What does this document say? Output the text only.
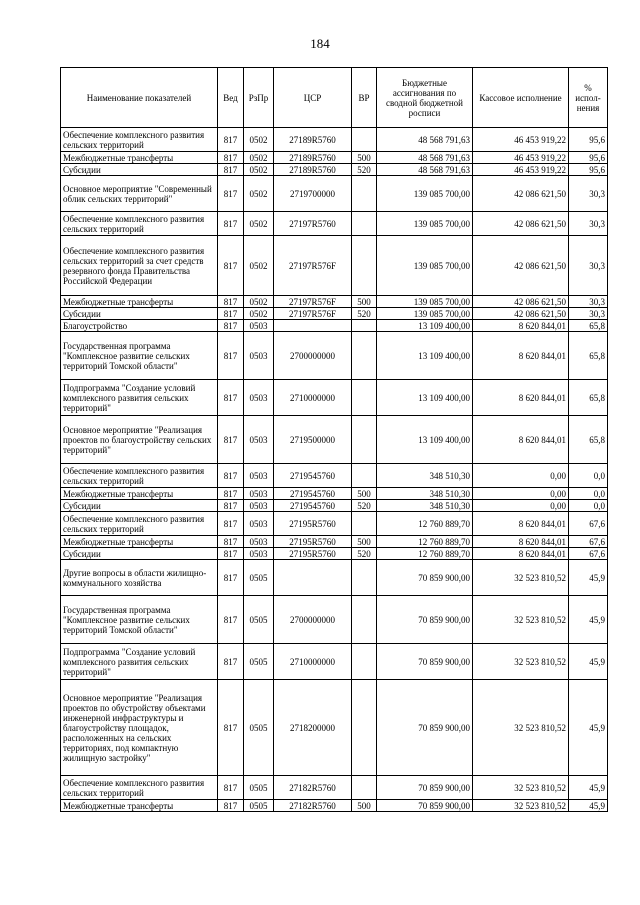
184
Наименование показателей	Вед	РзПр	ЦСР	ВР	Бюджетные ассигнования по сводной бюджетной росписи	Кассовое исполнение	% испол-нения
Обеспечение комплексного развития сельских территорий	817	0502	27189R5760		48 568 791,63	46 453 919,22	95,6
Межбюджетные трансферты	817	0502	27189R5760	500	48 568 791,63	46 453 919,22	95,6
Субсидии	817	0502	27189R5760	520	48 568 791,63	46 453 919,22	95,6
Основное мероприятие "Современный облик сельских территорий"	817	0502	2719700000		139 085 700,00	42 086 621,50	30,3
Обеспечение комплексного развития сельских территорий	817	0502	27197R5760		139 085 700,00	42 086 621,50	30,3
Обеспечение комплексного развития сельских территорий за счет средств резервного фонда Правительства Российской Федерации	817	0502	27197R576F		139 085 700,00	42 086 621,50	30,3
Межбюджетные трансферты	817	0502	27197R576F	500	139 085 700,00	42 086 621,50	30,3
Субсидии	817	0502	27197R576F	520	139 085 700,00	42 086 621,50	30,3
Благоустройство	817	0503			13 109 400,00	8 620 844,01	65,8
Государственная программа "Комплексное развитие сельских территорий Томской области"	817	0503	2700000000		13 109 400,00	8 620 844,01	65,8
Подпрограмма "Создание условий комплексного развития сельских территорий"	817	0503	2710000000		13 109 400,00	8 620 844,01	65,8
Основное мероприятие "Реализация проектов по благоустройству сельских территорий"	817	0503	2719500000		13 109 400,00	8 620 844,01	65,8
Обеспечение комплексного развития сельских территорий	817	0503	2719545760		348 510,30	0,00	0,0
Межбюджетные трансферты	817	0503	2719545760	500	348 510,30	0,00	0,0
Субсидии	817	0503	2719545760	520	348 510,30	0,00	0,0
Обеспечение комплексного развития сельских территорий	817	0503	27195R5760		12 760 889,70	8 620 844,01	67,6
Межбюджетные трансферты	817	0503	27195R5760	500	12 760 889,70	8 620 844,01	67,6
Субсидии	817	0503	27195R5760	520	12 760 889,70	8 620 844,01	67,6
Другие вопросы в области жилищно-коммунального хозяйства	817	0505			70 859 900,00	32 523 810,52	45,9
Государственная программа "Комплексное развитие сельских территорий Томской области"	817	0505	2700000000		70 859 900,00	32 523 810,52	45,9
Подпрограмма "Создание условий комплексного развития сельских территорий"	817	0505	2710000000		70 859 900,00	32 523 810,52	45,9
Основное мероприятие "Реализация проектов по обустройству объектами инженерной инфраструктуры и благоустройству площадок, расположенных на сельских территориях, под компактную жилищную застройку"	817	0505	2718200000		70 859 900,00	32 523 810,52	45,9
Обеспечение комплексного развития сельских территорий	817	0505	27182R5760		70 859 900,00	32 523 810,52	45,9
Межбюджетные трансферты	817	0505	27182R5760	500	70 859 900,00	32 523 810,52	45,9
